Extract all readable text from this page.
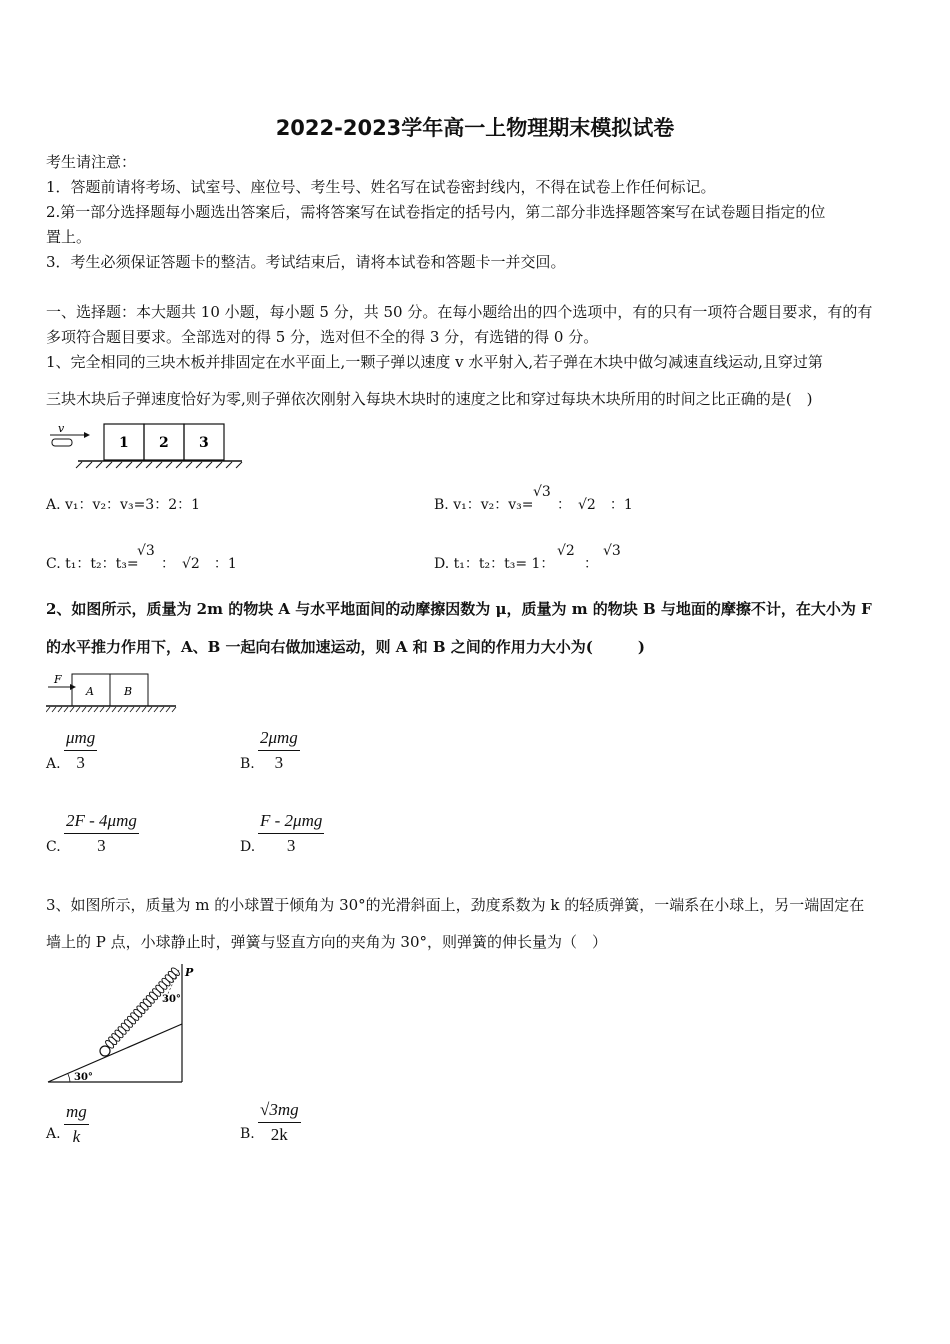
2022-2023学年高一上物理期末模拟试卷
考生请注意：
1．答题前请将考场、试室号、座位号、考生号、姓名写在试卷密封线内，不得在试卷上作任何标记。
2.第一部分选择题每小题选出答案后，需将答案写在试卷指定的括号内，第二部分非选择题答案写在试卷题目指定的位
置上。
3．考生必须保证答题卡的整洁。考试结束后，请将本试卷和答题卡一并交回。
一、选择题：本大题共 10 小题，每小题 5 分，共 50 分。在每小题给出的四个选项中，有的只有一项符合题目要求，有的有
多项符合题目要求。全部选对的得 5 分，选对但不全的得 3 分，有选错的得 0 分。
1、完全相同的三块木板并排固定在水平面上,一颗子弹以速度 v 水平射入,若子弹在木块中做匀减速直线运动,且穿过第
三块木块后子弹速度恰好为零,则子弹依次刚射入每块木块时的速度之比和穿过每块木块所用的时间之比正确的是(　)
v
1 2 3
A. v₁：v₂：v₃=3：2：1	B. v₁：v₂：v₃=
√3
：　√2　：1
C. t₁：t₂：t₃=
√3
：　√2　：1	D. t₁：t₂：t₃= 1：
√2
：
√3
2、如图所示，质量为 2m 的物块 A 与水平地面间的动摩擦因数为 μ，质量为 m 的物块 B 与地面的摩擦不计，在大小为 F
的水平推力作用下，A、B 一起向右做加速运动，则 A 和 B 之间的作用力大小为(　　　)
F
A	B
A.
μmg
3	B.
2μmg
3
C.
2F - 4μmg
3	D.
F - 2μmg
3
3、如图所示，质量为 m 的小球置于倾角为 30°的光滑斜面上，劲度系数为 k 的轻质弹簧，一端系在小球上，另一端固定在
墙上的 P 点，小球静止时，弹簧与竖直方向的夹角为 30°，则弹簧的伸长量为（　）
P
30°
30°
A. $\frac{mg}{k}$	B. $\frac{√3mg}{2k}$
